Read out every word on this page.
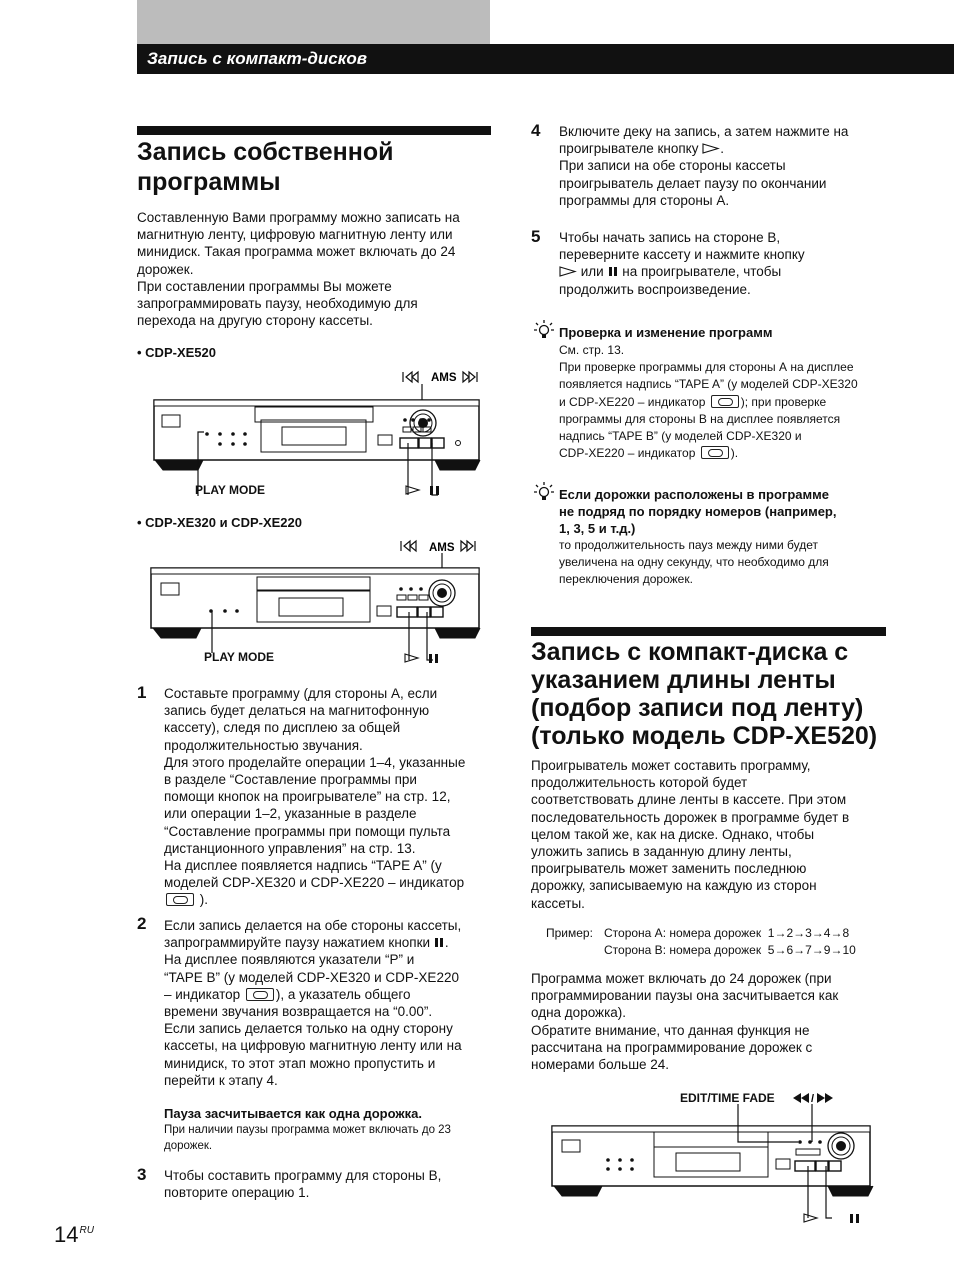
Запись с компакт-дисков
Запись собственной
программы
Составленную Вами программу можно записать на
магнитную ленту, цифровую магнитную ленту или
минидиск. Такая программа может включать до 24
дорожек.
При составлении программы Вы можете
запрограммировать паузу, необходимую для
перехода на другую сторону кассеты.
• CDP-XE520
AMS
PLAY MODE
• CDP-XE320 и CDP-XE220
AMS
PLAY MODE
1 Составьте программу (для стороны А, если
запись будет делаться на магнитофонную
кассету), следя по дисплею за общей
продолжительностью звучания.
Для этого проделайте операции 1–4, указанные
в разделе “Составление программы при
помощи кнопок на проигрывателе” на стр. 12,
или операции 1–2, указанные в разделе
“Составление программы при помощи пульта
дистанционного управления” на стр. 13.
На дисплее появляется надпись “TAPE A” (у
моделей CDP-XE320 и CDP-XE220 – индикатор
).
2 Если запись делается на обе стороны кассеты,
запрограммируйте паузу нажатием кнопки .
На дисплее появляются указатели “P” и
“TAPE B” (у моделей CDP-XE320 и CDP-XE220
– индикатор	), а указатель общего
времени звучания возвращается на “0.00”.
Если запись делается только на одну сторону
кассеты, на цифровую магнитную ленту или на
минидиск, то этот этап можно пропустить и
перейти к этапу 4.
Пауза засчитывается как одна дорожка.
При наличии паузы программа может включать до 23
дорожек.
3 Чтобы составить программу для стороны В,
повторите операцию 1.
$14^{RU}$
4 Включите деку на запись, а затем нажмите на
проигрывателе кнопку .
При записи на обе стороны кассеты
проигрыватель делает паузу по окончании
программы для стороны А.
5 Чтобы начать запись на стороне В,
переверните кассету и нажмите кнопку
или на проигрывателе, чтобы
продолжить воспроизведение.
Проверка и изменение программ
См. стр. 13.
При проверке программы для стороны А на дисплее
появляется надпись “TAPE A” (у моделей CDP-XE320
и CDP-XE220 – индикатор	); при проверке
программы для стороны В на дисплее появляется
надпись “TAPE B” (у моделей CDP-XE320 и
CDP-XE220 – индикатор	).
Если дорожки расположены в программе
не подряд по порядку номеров (например,
1, 3, 5 и т.д.)
то продолжительность пауз между ними будет
увеличена на одну секунду, что необходимо для
переключения дорожек.
Запись с компакт-диска с
указанием длины ленты
(подбор записи под ленту)
(только модель CDP-XE520)
Проигрыватель может составить программу,
продолжительность которой будет
соответствовать длине ленты в кассете. При этом
последовательность дорожек в программе будет в
целом такой же, как на диске. Однако, чтобы
уложить запись в заданную длину ленты,
проигрыватель может заменить последнюю
дорожку, записываемую на каждую из сторон
кассеты.
Пример: Сторона А: номера дорожек  1→2→3→4→8
Сторона В: номера дорожек  5→6→7→9→10
Программа может включать до 24 дорожек (при
программировании паузы она засчитывается как
одна дорожка).
Обратите внимание, что данная функция не
рассчитана на программирование дорожек с
номерами больше 24.
EDIT/TIME FADE	/
